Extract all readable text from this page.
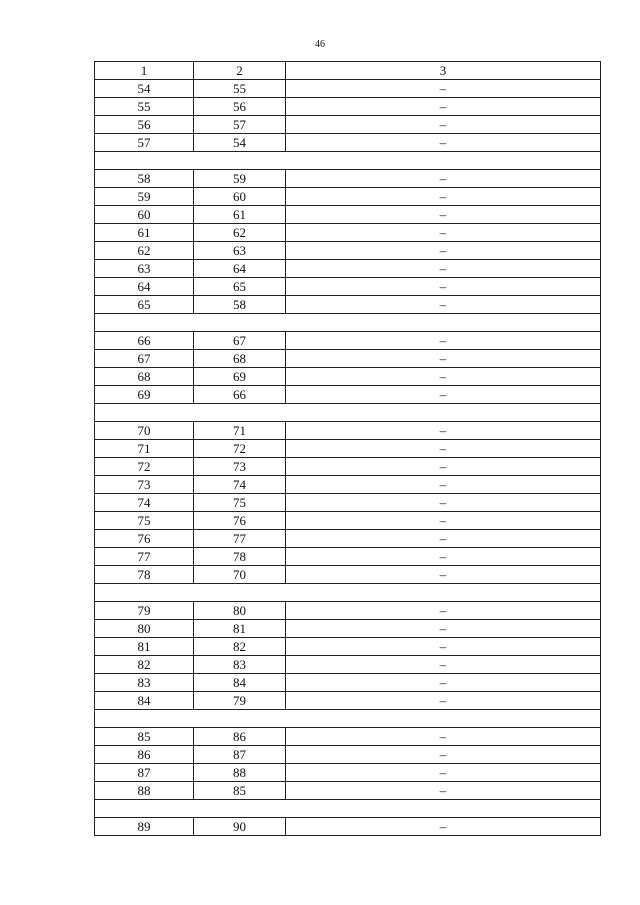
46
1	2	3
54	55	–
55	56	–
56	57	–
57	54	–

58	59	–
59	60	–
60	61	–
61	62	–
62	63	–
63	64	–
64	65	–
65	58	–

66	67	–
67	68	–
68	69	–
69	66	–

70	71	–
71	72	–
72	73	–
73	74	–
74	75	–
75	76	–
76	77	–
77	78	–
78	70	–

79	80	–
80	81	–
81	82	–
82	83	–
83	84	–
84	79	–

85	86	–
86	87	–
87	88	–
88	85	–

89	90	–
